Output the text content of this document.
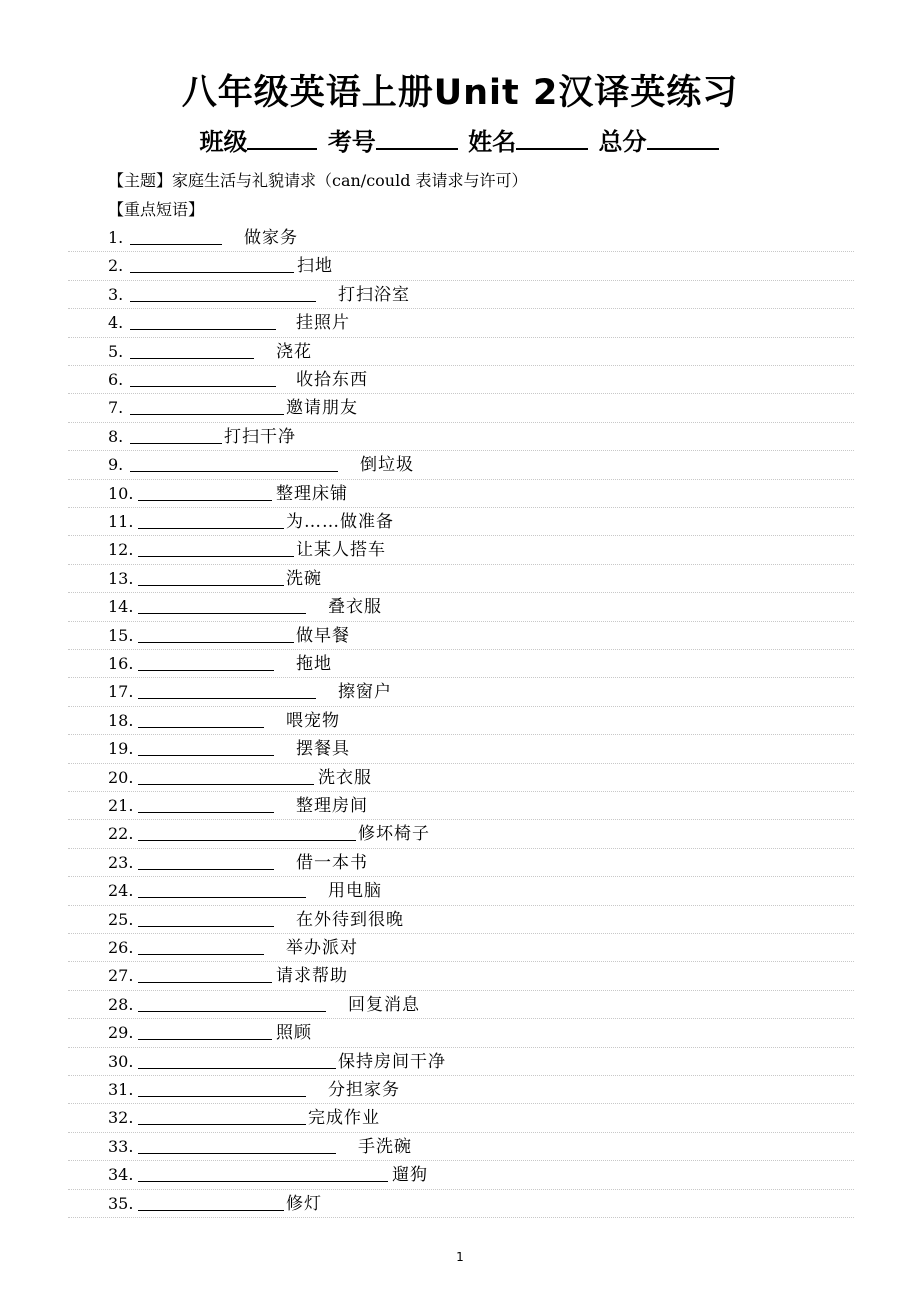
八年级英语上册Unit 2汉译英练习
班级	考号	姓名	总分
【主题】家庭生活与礼貌请求（can/could 表请求与许可）
【重点短语】
1.	做家务
2.	扫地
3.	打扫浴室
4.	挂照片
5.	浇花
6.	收拾东西
7.	邀请朋友
8.	打扫干净
9.	倒垃圾
10.	整理床铺
11.	为……做准备
12.	让某人搭车
13.	洗碗
14.	叠衣服
15.	做早餐
16.	拖地
17.	擦窗户
18.	喂宠物
19.	摆餐具
20.	洗衣服
21.	整理房间
22.	修坏椅子
23.	借一本书
24.	用电脑
25.	在外待到很晚
26.	举办派对
27.	请求帮助
28.	回复消息
29.	照顾
30.	保持房间干净
31.	分担家务
32.	完成作业
33.	手洗碗
34.	遛狗
35.	修灯
1
